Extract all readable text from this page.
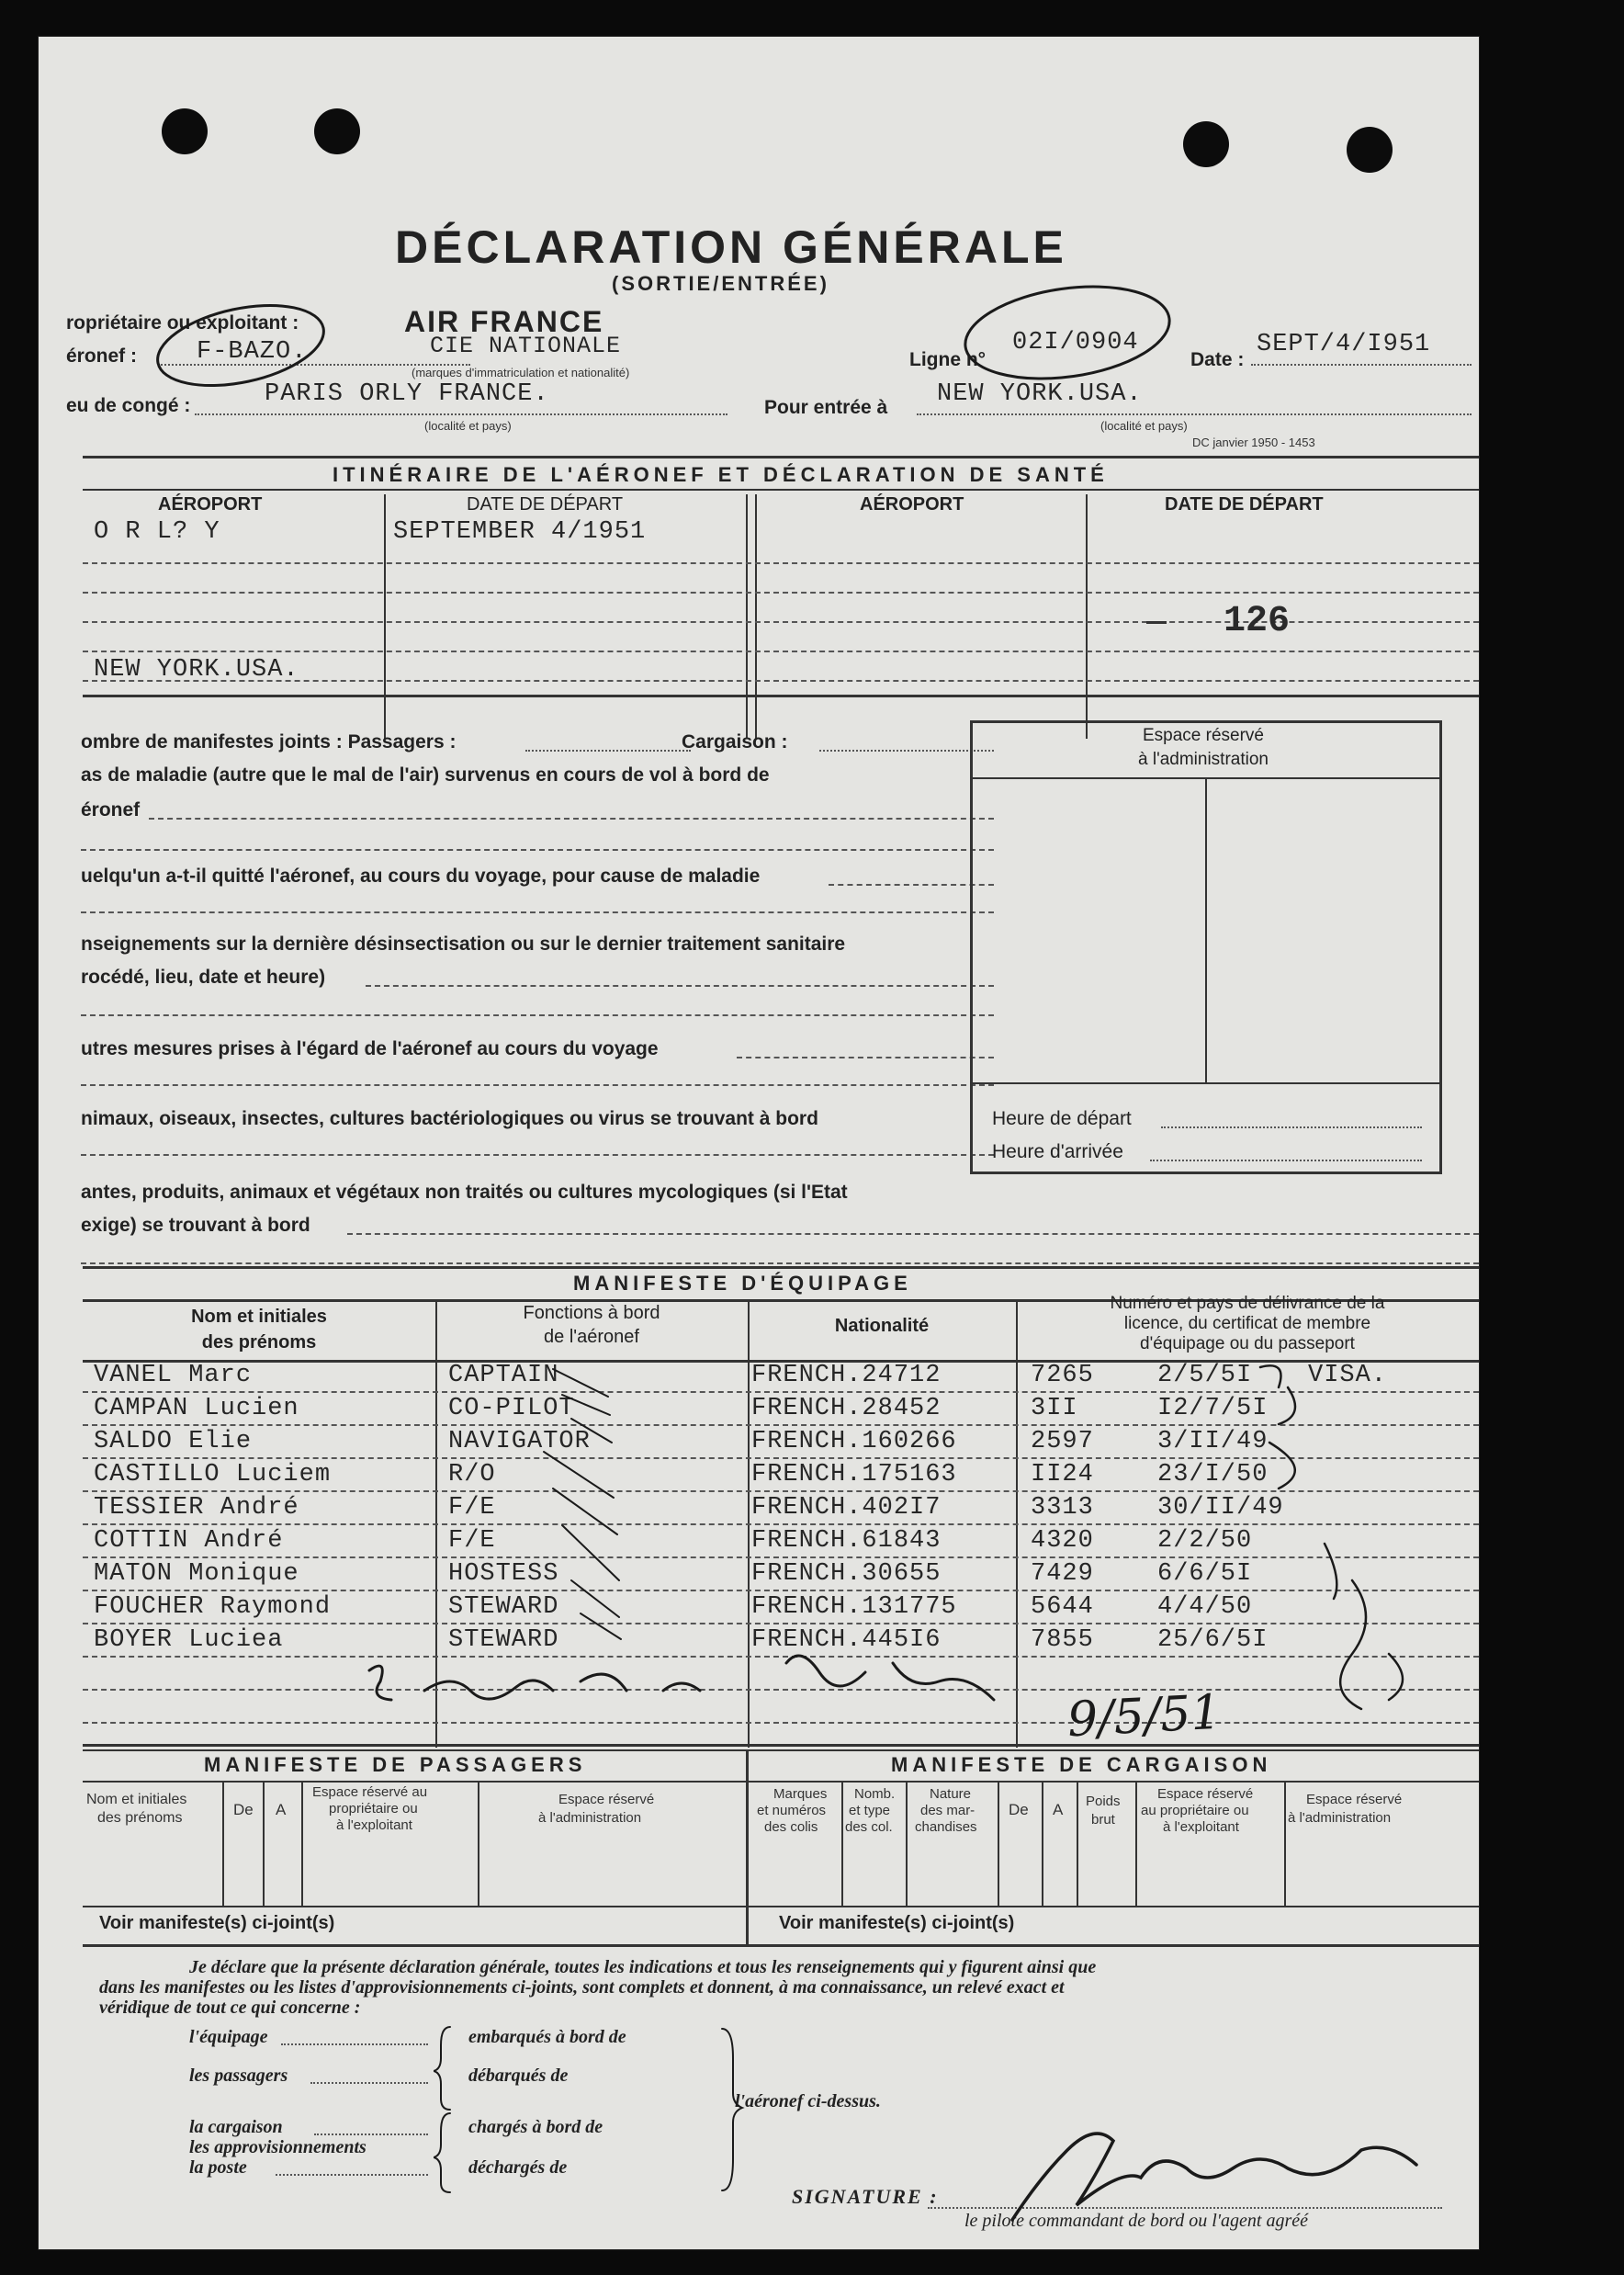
DÉCLARATION GÉNÉRALE
(SORTIE/ENTRÉE)
ropriétaire ou exploitant :	AIR FRANCE
éronef : F-BAZO.	CIE NATIONALE
(marques d'immatriculation et nationalité)
Ligne n°
02I/0904
Date :
SEPT/4/I951
eu de congé :	PARIS ORLY FRANCE.
(localité et pays)
Pour entrée à NEW YORK.USA.
(localité et pays)
DC janvier 1950 - 1453
ITINÉRAIRE DE L'AÉRONEF ET DÉCLARATION DE SANTÉ
AÉROPORT	DATE DE DÉPART	AÉROPORT	DATE DE DÉPART
O R L? Y	SEPTEMBER 4/1951
NEW YORK.USA.
126
ombre de manifestes joints : Passagers :	Cargaison :
as de maladie (autre que le mal de l'air) survenus en cours de vol à bord de
éronef
uelqu'un a-t-il quitté l'aéronef, au cours du voyage, pour cause de maladie
nseignements sur la dernière désinsectisation ou sur le dernier traitement sanitaire
rocédé, lieu, date et heure)
utres mesures prises à l'égard de l'aéronef au cours du voyage
nimaux, oiseaux, insectes, cultures bactériologiques ou virus se trouvant à bord
antes, produits, animaux et végétaux non traités ou cultures mycologiques (si l'Etat
exige) se trouvant à bord
Espace réservé
à l'administration
Heure de départ
Heure d'arrivée
MANIFESTE D'ÉQUIPAGE
Nom et initiales
des prénoms
Fonctions à bord
de l'aéronef
Nationalité
Numéro et pays de délivrance de la
licence, du certificat de membre
d'équipage ou du passeport
VANEL Marc	CAPTAIN	FRENCH.24712	7265	2/5/5I VISA.
CAMPAN Lucien	CO-PILOT	FRENCH.28452	3II	I2/7/5I
SALDO Elie	NAVIGATOR	FRENCH.160266	2597	3/II/49
CASTILLO Luciem	R/O	FRENCH.175163	II24	23/I/50
TESSIER André	F/E	FRENCH.402I7	3313	30/II/49
COTTIN André	F/E	FRENCH.61843	4320	2/2/50
MATON Monique	HOSTESS	FRENCH.30655	7429	6/6/5I
FOUCHER Raymond	STEWARD	FRENCH.131775	5644	4/4/50
BOYER Luciea	STEWARD	FRENCH.445I6	7855	25/6/5I
MANIFESTE DE PASSAGERS	MANIFESTE DE CARGAISON
Nom et initiales
des prénoms	De A
Espace réservé au
propriétaire ou
à l'exploitant
Espace réservé
à l'administration
Voir manifeste(s) ci-joint(s)
Marques
et numéros
des colis
Nomb.
et type
des col.
Nature
des mar-
chandises
De A Poids
brut
Espace réservé
au propriétaire ou
à l'exploitant
Espace réservé
à l'administration
Voir manifeste(s) ci-joint(s)
Je déclare que la présente déclaration générale, toutes les indications et tous les renseignements qui y figurent ainsi que
dans les manifestes ou les listes d'approvisionnements ci-joints, sont complets et donnent, à ma connaissance, un relevé exact et
véridique de tout ce qui concerne :
l'équipage
les passagers
la cargaison
les approvisionnements
la poste
embarqués à bord de
débarqués de
chargés à bord de
déchargés de
l'aéronef ci-dessus.
SIGNATURE :
le pilote commandant de bord ou l'agent agréé
9/5/51
